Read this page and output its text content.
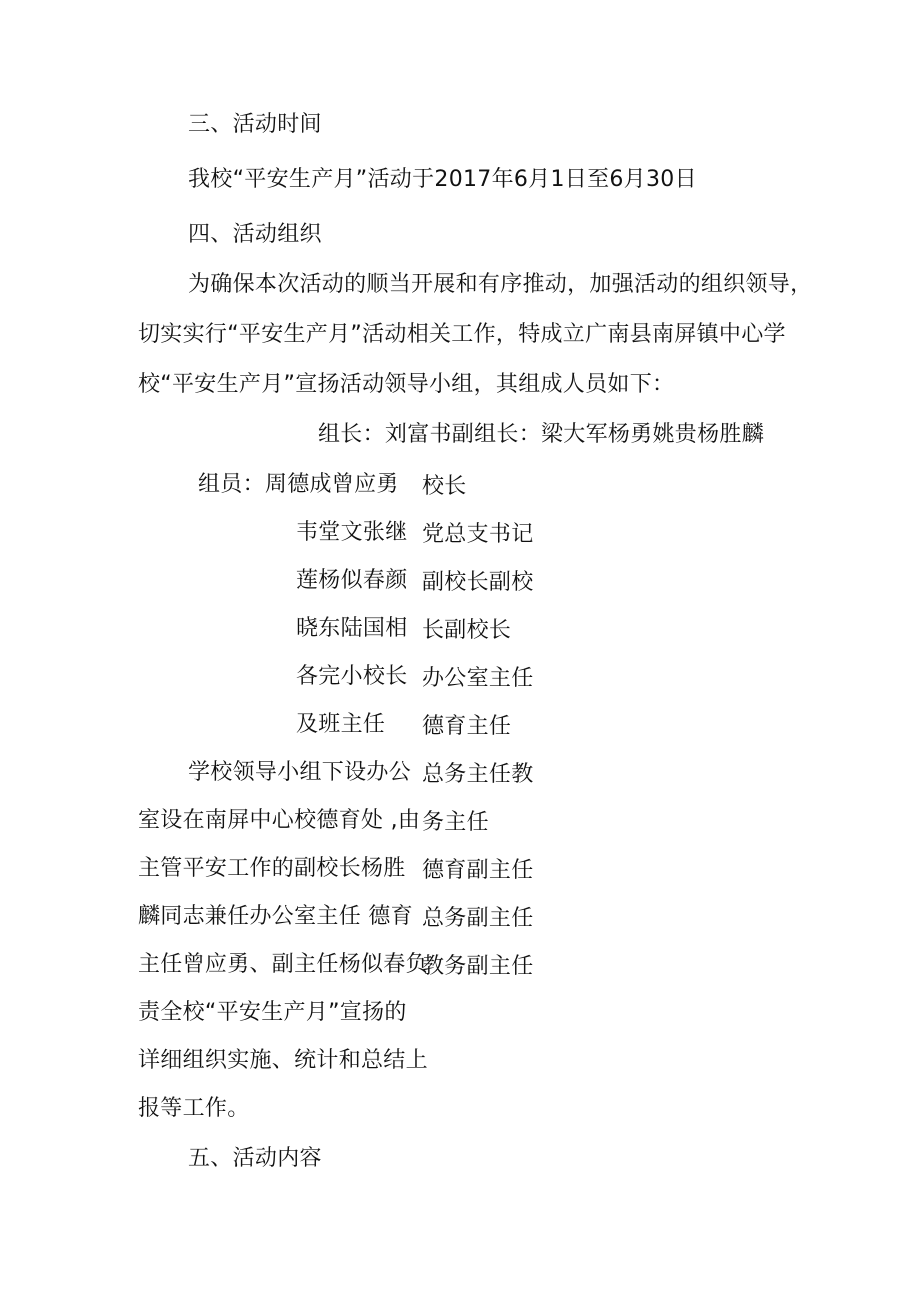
三、活动时间
我校“平安生产月”活动于2017年6月1日至6月30日
四、活动组织
为确保本次活动的顺当开展和有序推动，加强活动的组织领导，
切实实行“平安生产月”活动相关工作，特成立广南县南屏镇中心学
校“平安生产月”宣扬活动领导小组，其组成人员如下：
组长：刘富书副组长：梁大军杨勇姚贵杨胜麟
组员：周德成曾应勇
韦堂文张继
莲杨似春颜
晓东陆国相
各完小校长
及班主任
校长
党总支书记
副校长副校
长副校长
办公室主任
德育主任
总务主任教
务主任
德育副主任
总务副主任
教务副主任
学校领导小组下设办公
室设在南屏中心校德育处 ,由
主管平安工作的副校长杨胜
麟同志兼任办公室主任 德育
主任曾应勇、副主任杨似春负
责全校“平安生产月”宣扬的
详细组织实施、统计和总结上
报等工作。
五、活动内容
